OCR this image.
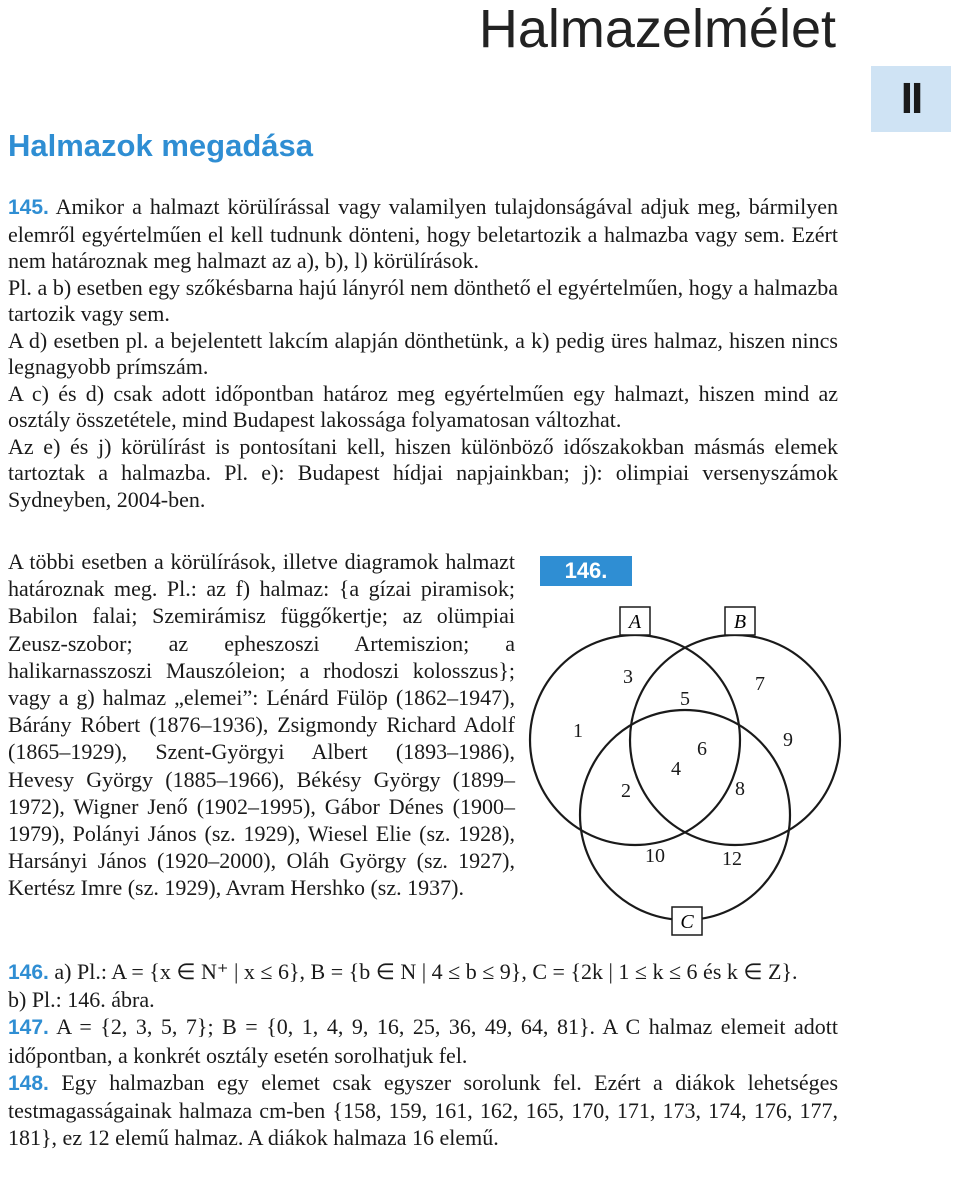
Halmazelmélet
II
Halmazok megadása

145. Amikor a halmazt körülírással vagy valamilyen tulajdonságával adjuk meg, bármilyen elemről egyértelműen el kell tudnunk dönteni, hogy beletartozik a halmazba vagy sem. Ezért nem határoznak meg halmazt az a), b), l) körülírások.

Pl. a b) esetben egy szőkésbarna hajú lányról nem dönthető el egyértelműen, hogy a halmazba tartozik vagy sem.

A d) esetben pl. a bejelentett lakcím alapján dönthetünk, a k) pedig üres halmaz, hiszen nincs legnagyobb prímszám.

A c) és d) csak adott időpontban határoz meg egyértelműen egy halmazt, hiszen mind az osztály összetétele, mind Budapest lakossága folyamatosan változhat.

Az e) és j) körülírást is pontosítani kell, hiszen különböző időszakokban másmás elemek tartoztak a halmazba. Pl. e): Budapest hídjai napjainkban; j): olimpiai versenyszámok Sydneyben, 2004-ben.

A többi esetben a körülírások, illetve diagramok halmazt határoznak meg. Pl.: az f) halmaz: {a gízai piramisok; Babilon falai; Szemirámisz függőkertje; az olümpiai Zeusz-szobor; az epheszoszi Artemiszion; a halikarnasszoszi Mauszóleion; a rhodoszi kolosszus}; vagy a g) halmaz „elemei”: Lénárd Fülöp (1862–1947), Bárány Róbert (1876–1936), Zsigmondy Richard Adolf (1865–1929), Szent-Györgyi Albert (1893–1986), Hevesy György (1885–1966), Békésy György (1899–1972), Wigner Jenő (1902–1995), Gábor Dénes (1900–1979), Polányi János (sz. 1929), Wiesel Elie (sz. 1928), Harsányi János (1920–2000), Oláh György (sz. 1927), Kertész Imre (sz. 1929), Avram Hershko (sz. 1937).
146.
A	B
C
1
2
3
4
5
6
7
8
9
10	12

146. a) Pl.: A = {x ∈ N⁺ | x ≤ 6}, B = {b ∈ N | 4 ≤ b ≤ 9}, C = {2k | 1 ≤ k ≤ 6 és k ∈ Z}.

b) Pl.: 146. ábra.

147. A = {2, 3, 5, 7}; B = {0, 1, 4, 9, 16, 25, 36, 49, 64, 81}. A C halmaz elemeit adott időpontban, a konkrét osztály esetén sorolhatjuk fel.

148. Egy halmazban egy elemet csak egyszer sorolunk fel. Ezért a diákok lehetséges testmagasságainak halmaza cm-ben {158, 159, 161, 162, 165, 170, 171, 173, 174, 176, 177, 181}, ez 12 elemű halmaz. A diákok halmaza 16 elemű.
